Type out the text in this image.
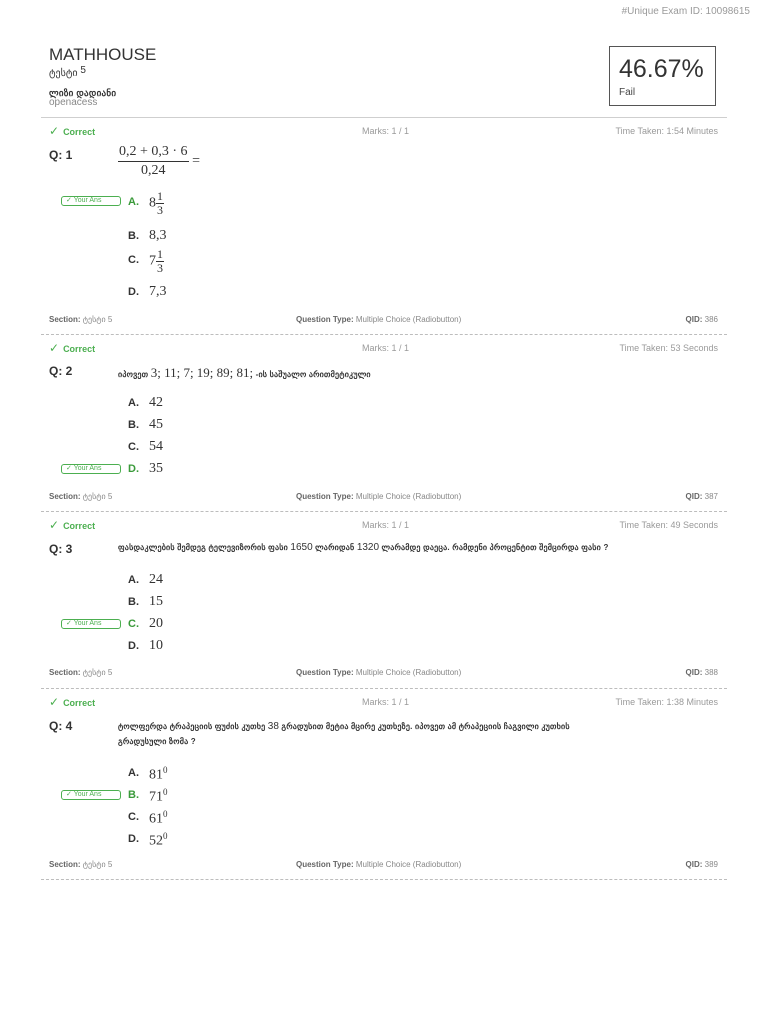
#Unique Exam ID: 10098615
MATHHOUSE
ტესტი 5
ლიზი დადიანი
openacess
46.67%
Fail
✓ Correct	Marks: 1 / 1	Time Taken: 1:54 Minutes
Q: 1	$\frac{0,2 + 0,3 \cdot 6}{0,24}$ =
✓ Your Ans	A. $8 \frac{1}{3}$
B. 8,3
C. $7 \frac{1}{3}$
D. 7,3
Section: ტესტი 5	Question Type: Multiple Choice (Radiobutton)	QID: 386
✓ Correct	Marks: 1 / 1	Time Taken: 53 Seconds
Q: 2	იპოვეთ 3; 11; 7; 19; 89; 81; -ის საშუალო არითმეტიკული
A. 42
B. 45
C. 54
✓ Your Ans	D. 35
Section: ტესტი 5	Question Type: Multiple Choice (Radiobutton)	QID: 387
✓ Correct	Marks: 1 / 1	Time Taken: 49 Seconds
Q: 3	ფასდაკლების შემდეგ ტელევიზორის ფასი 1650 ლარიდან 1320 ლარამდე დაეცა. რამდენი პროცენტით შემცირდა ფასი ?
A. 24
B. 15
✓ Your Ans	C. 20
D. 10
Section: ტესტი 5	Question Type: Multiple Choice (Radiobutton)	QID: 388
✓ Correct	Marks: 1 / 1	Time Taken: 1:38 Minutes
Q: 4	ტოლფერდა ტრაპეციის ფუძის კუთხე 38 გრადუსით მეტია მცირე კუთხეზე. იპოვეთ ამ ტრაპეციის ჩაგვილი კუთხის
გრადუსული ზომა ?
A. $81^0$
✓ Your Ans	B. $71^0$
C. $61^0$
D. $52^0$
Section: ტესტი 5	Question Type: Multiple Choice (Radiobutton)	QID: 389
